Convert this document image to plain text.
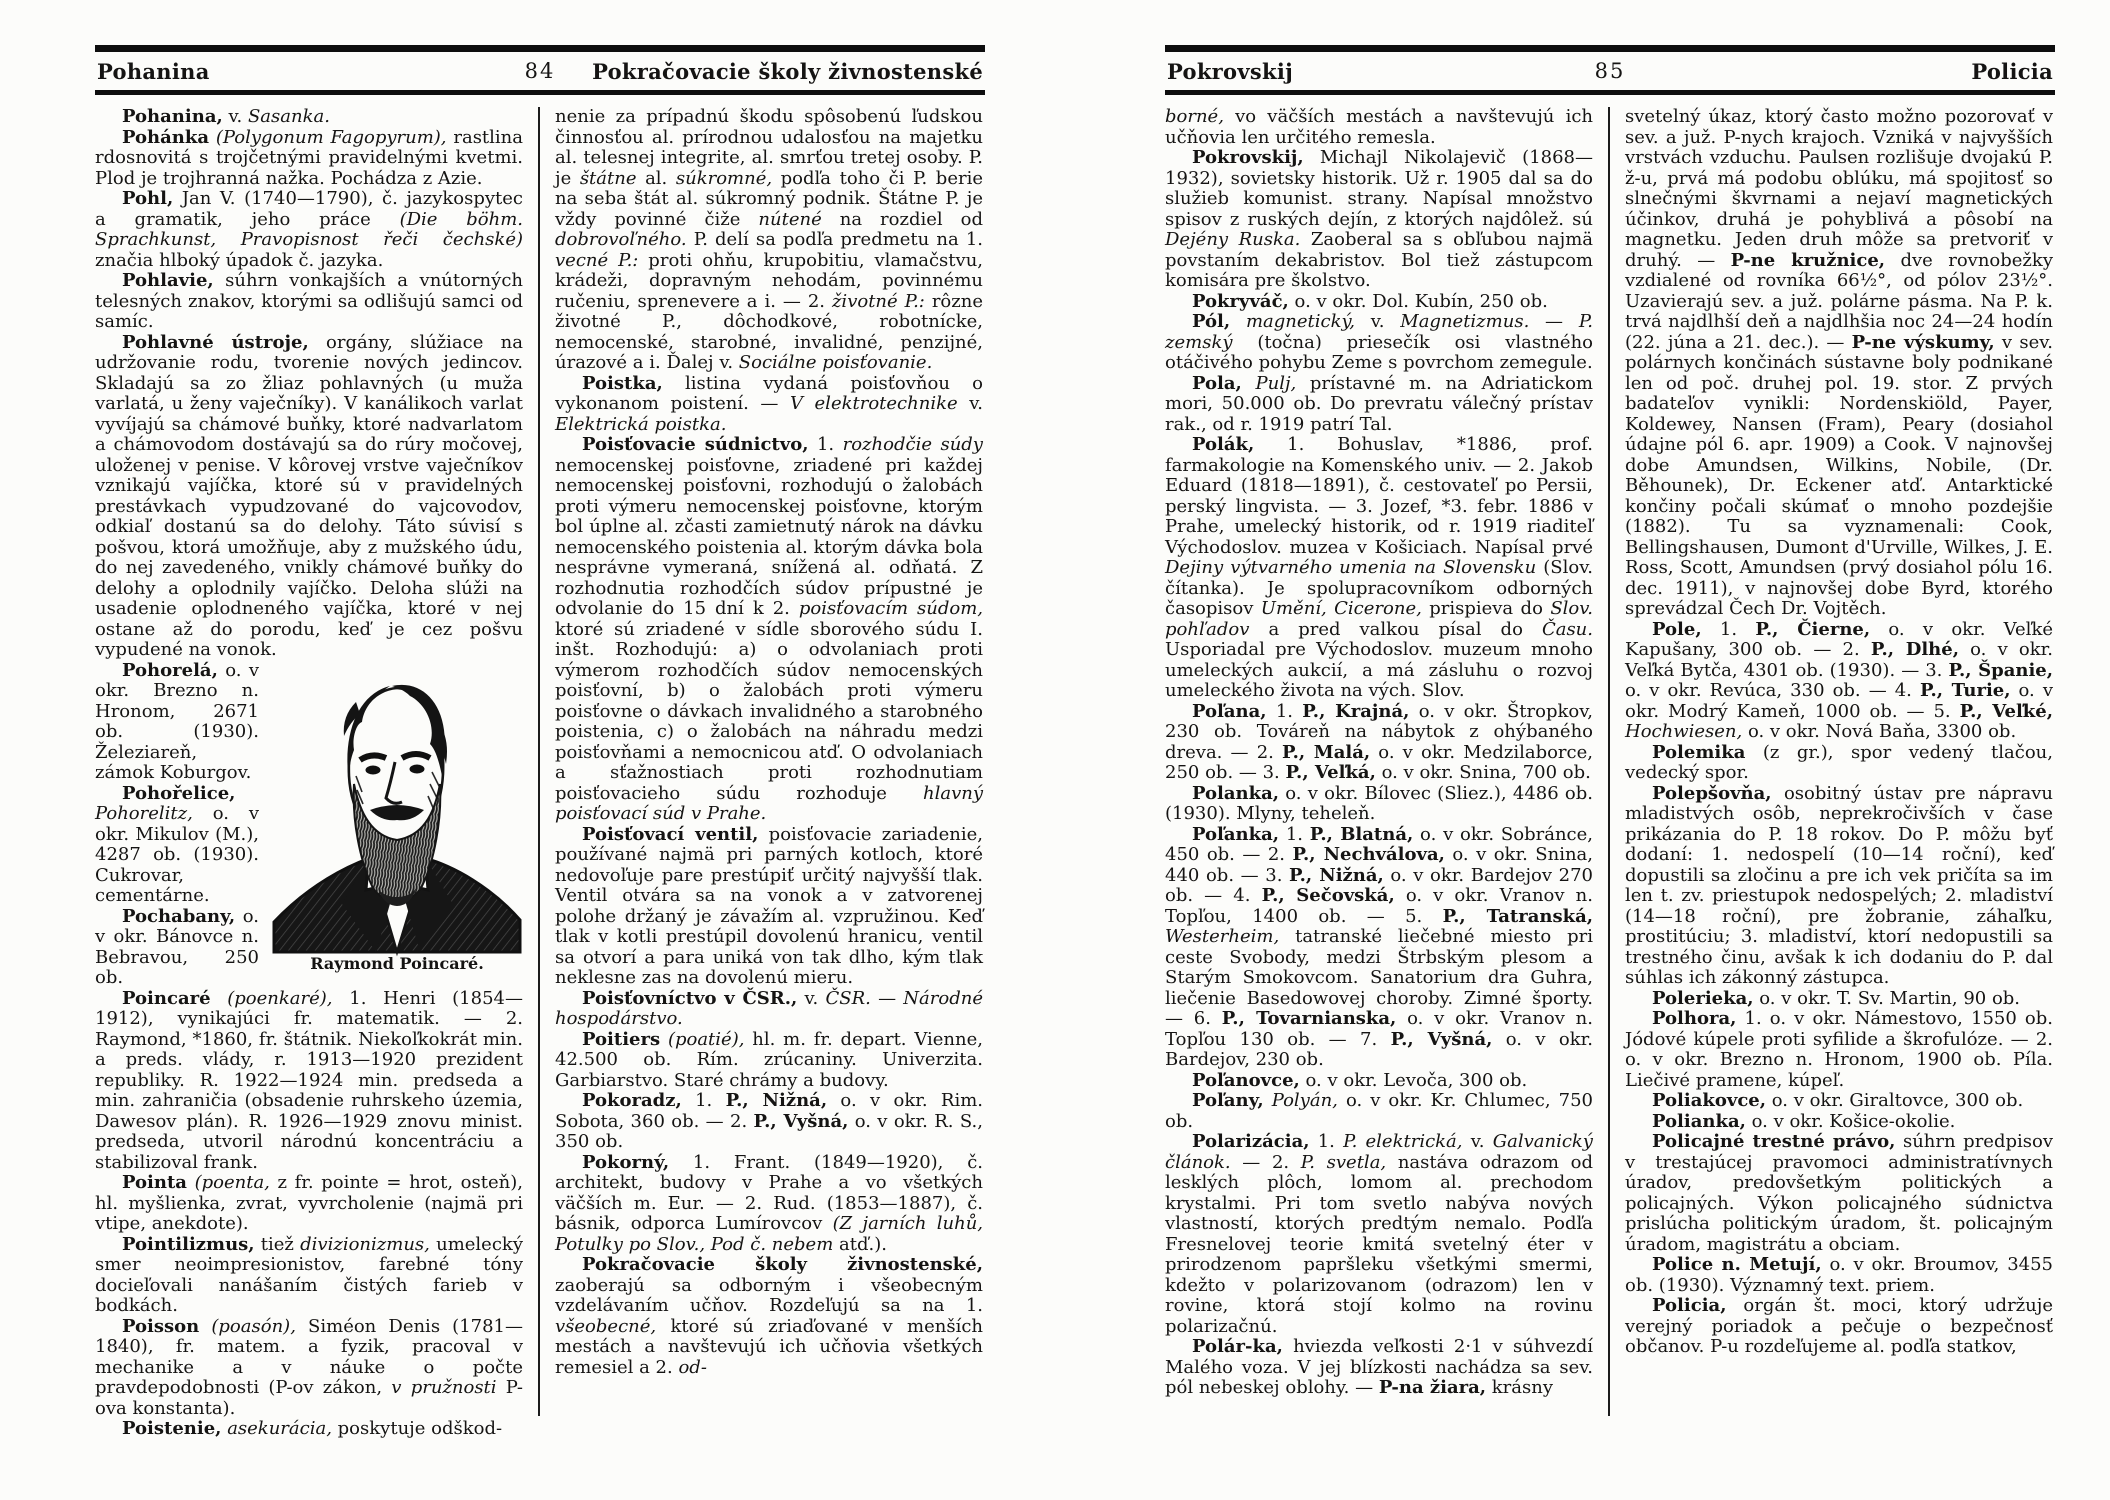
Pohanina	84 Pokračovacie školy živnostenské

Pohanina, v. Sasanka.

Pohánka (Polygonum Fagopyrum), rastlina rdosnovitá s trojčetnými pravidelnými kvetmi. Plod je trojhranná nažka. Pochádza z Azie.

Pohl, Jan V. (1740—1790), č. jazykospytec a gramatik, jeho práce (Die böhm. Sprachkunst, Pravopisnost řeči čechské) značia hlboký úpadok č. jazyka.

Pohlavie, súhrn vonkajších a vnútorných telesných znakov, ktorými sa odlišujú samci od samíc.

Pohlavné ústroje, orgány, slúžiace na udržovanie rodu, tvorenie nových jedincov. Skladajú sa zo žliaz pohlavných (u muža varlatá, u ženy vaječníky). V kanálikoch varlat vyvíjajú sa chámové buňky, ktoré nadvarlatom a chámovodom dostávajú sa do rúry močovej, uloženej v penise. V kôrovej vrstve vaječníkov vznikajú vajíčka, ktoré sú v pravidelných prestávkach vypudzované do vajcovodov, odkiaľ dostanú sa do delohy. Táto súvisí s pošvou, ktorá umožňuje, aby z mužského údu, do nej zavedeného, vnikly chámové buňky do delohy a oplodnily vajíčko. Deloha slúži na usadenie oplodneného vajíčka, ktoré v nej ostane až do porodu, keď je cez pošvu vypudené na vonok.

Raymond Poincaré.

Pohorelá, o. v okr. Brezno n. Hronom, 2671 ob. (1930). Železiareň, zámok Koburgov.

Pohořelice, Pohorelitz, o. v okr. Mikulov (M.), 4287 ob. (1930). Cukrovar, cementárne.

Pochabany, o. v okr. Bánovce n. Bebravou, 250 ob.

Poincaré (poenkaré), 1. Henri (1854—1912), vynikajúci fr. matematik. — 2. Raymond, *1860, fr. štátnik. Niekoľkokrát min. a preds. vlády, r. 1913—1920 prezident republiky. R. 1922—1924 min. predseda a min. zahraničia (obsadenie ruhrskeho územia, Dawesov plán). R. 1926—1929 znovu minist. predseda, utvoril národnú koncentráciu a stabilizoval frank.

Pointa (poenta, z fr. pointe = hrot, osteň), hl. myšlienka, zvrat, vyvrcholenie (najmä pri vtipe, anekdote).

Pointilizmus, tiež divizionizmus, umelecký smer neoimpresionistov, farebné tóny docieľovali nanášaním čistých farieb v bodkách.

Poisson (poasón), Siméon Denis (1781—1840), fr. matem. a fyzik, pracoval v mechanike a v náuke o počte pravdepodobnosti (P-ov zákon, v pružnosti P-ova konstanta).

Poistenie, asekurácia, poskytuje odškod-

nenie za prípadnú škodu spôsobenú ľudskou činnosťou al. prírodnou udalosťou na majetku al. telesnej integrite, al. smrťou tretej osoby. P. je štátne al. súkromné, podľa toho či P. berie na seba štát al. súkromný podnik. Štátne P. je vždy povinné čiže nútené na rozdiel od dobrovoľného. P. delí sa podľa predmetu na 1. vecné P.: proti ohňu, krupobitiu, vlamačstvu, krádeži, dopravným nehodám, povinnému ručeniu, sprenevere a i. — 2. životné P.: rôzne životné P., dôchodkové, robotnícke, nemocenské, starobné, invalidné, penzijné, úrazové a i. Ďalej v. Sociálne poisťovanie.

Poistka, listina vydaná poisťovňou o vykonanom poistení. — V elektrotechnike v. Elektrická poistka.

Poisťovacie súdnictvo, 1. rozhodčie súdy nemocenskej poisťovne, zriadené pri každej nemocenskej poisťovni, rozhodujú o žalobách proti výmeru nemocenskej poisťovne, ktorým bol úplne al. zčasti zamietnutý nárok na dávku nemocenského poistenia al. ktorým dávka bola nesprávne vymeraná, snížená al. odňatá. Z rozhodnutia rozhodčích súdov prípustné je odvolanie do 15 dní k 2. poisťovacím súdom, ktoré sú zriadené v sídle sborového súdu I. inšt. Rozhodujú: a) o odvolaniach proti výmerom rozhodčích súdov nemocenských poisťovní, b) o žalobách proti výmeru poisťovne o dávkach invalidného a starobného poistenia, c) o žalobách na náhradu medzi poisťovňami a nemocnicou atď. O odvolaniach a sťažnostiach proti rozhodnutiam poisťovacieho súdu rozhoduje hlavný poisťovací súd v Prahe.

Poisťovací ventil, poisťovacie zariadenie, používané najmä pri parných kotloch, ktoré nedovoľuje pare prestúpiť určitý najvyšší tlak. Ventil otvára sa na vonok a v zatvorenej polohe držaný je závažím al. vzpružinou. Keď tlak v kotli prestúpil dovolenú hranicu, ventil sa otvorí a para uniká von tak dlho, kým tlak neklesne zas na dovolenú mieru.

Poisťovníctvo v ČSR., v. ČSR. — Národné hospodárstvo.

Poitiers (poatié), hl. m. fr. depart. Vienne, 42.500 ob. Rím. zrúcaniny. Univerzita. Garbiarstvo. Staré chrámy a budovy.

Pokoradz, 1. P., Nižná, o. v okr. Rim. Sobota, 360 ob. — 2. P., Vyšná, o. v okr. R. S., 350 ob.

Pokorný, 1. Frant. (1849—1920), č. architekt, budovy v Prahe a vo všetkých väčších m. Eur. — 2. Rud. (1853—1887), č. básnik, odporca Lumírovcov (Z jarních luhů, Potulky po Slov., Pod č. nebem atď.).

Pokračovacie školy živnostenské, zaoberajú sa odborným i všeobecným vzdelávaním učňov. Rozdeľujú sa na 1. všeobecné, ktoré sú zriaďované v menších mestách a navštevujú ich učňovia všetkých remesiel a 2. od-

Pokrovskij	85	Policia

borné, vo väčších mestách a navštevujú ich učňovia len určitého remesla.

Pokrovskij, Michajl Nikolajevič (1868—1932), sovietsky historik. Už r. 1905 dal sa do služieb komunist. strany. Napísal množstvo spisov z ruských dejín, z ktorých najdôlež. sú Dejény Ruska. Zaoberal sa s obľubou najmä povstaním dekabristov. Bol tiež zástupcom komisára pre školstvo.

Pokryváč, o. v okr. Dol. Kubín, 250 ob.

Pól, magnetický, v. Magnetizmus. — P. zemský (točna) priesečík osi vlastného otáčivého pohybu Zeme s povrchom zemegule.

Pola, Pulj, prístavné m. na Adriatickom mori, 50.000 ob. Do prevratu válečný prístav rak., od r. 1919 patrí Tal.

Polák, 1. Bohuslav, *1886, prof. farmakologie na Komenského univ. — 2. Jakob Eduard (1818—1891), č. cestovateľ po Persii, perský lingvista. — 3. Jozef, *3. febr. 1886 v Prahe, umelecký historik, od r. 1919 riaditeľ Východoslov. muzea v Košiciach. Napísal prvé Dejiny výtvarného umenia na Slovensku (Slov. čítanka). Je spolupracovníkom odborných časopisov Umění, Cicerone, prispieva do Slov. pohľadov a pred valkou písal do Času. Usporiadal pre Východoslov. muzeum mnoho umeleckých aukcií, a má zásluhu o rozvoj umeleckého života na vých. Slov.

Poľana, 1. P., Krajná, o. v okr. Štropkov, 230 ob. Továreň na nábytok z ohýbaného dreva. — 2. P., Malá, o. v okr. Medzilaborce, 250 ob. — 3. P., Veľká, o. v okr. Snina, 700 ob.

Polanka, o. v okr. Bílovec (Sliez.), 4486 ob. (1930). Mlyny, teheleň.

Poľanka, 1. P., Blatná, o. v okr. Sobránce, 450 ob. — 2. P., Nechválova, o. v okr. Snina, 440 ob. — 3. P., Nižná, o. v okr. Bardejov 270 ob. — 4. P., Sečovská, o. v okr. Vranov n. Topľou, 1400 ob. — 5. P., Tatranská, Westerheim, tatranské liečebné miesto pri ceste Svobody, medzi Štrbským plesom a Starým Smokovcom. Sanatorium dra Guhra, liečenie Basedowovej choroby. Zimné športy. — 6. P., Tovarnianska, o. v okr. Vranov n. Topľou 130 ob. — 7. P., Vyšná, o. v okr. Bardejov, 230 ob.

Poľanovce, o. v okr. Levoča, 300 ob.

Poľany, Polyán, o. v okr. Kr. Chlumec, 750 ob.

Polarizácia, 1. P. elektrická, v. Galvanický článok. — 2. P. svetla, nastáva odrazom od lesklých plôch, lomom al. prechodom krystalmi. Pri tom svetlo nabýva nových vlastností, ktorých predtým nemalo. Podľa Fresnelovej teorie kmitá svetelný éter v prirodzenom papršleku všetkými smermi, kdežto v polarizovanom (odrazom) len v rovine, ktorá stojí kolmo na rovinu polarizačnú.

Polár-ka, hviezda veľkosti 2·1 v súhvezdí Malého voza. V jej blízkosti nachádza sa sev. pól nebeskej oblohy. — P-na žiara, krásny

svetelný úkaz, ktorý často možno pozorovať v sev. a juž. P-nych krajoch. Vzniká v najvyšších vrstvách vzduchu. Paulsen rozlišuje dvojakú P. ž-u, prvá má podobu oblúku, má spojitosť so slnečnými škvrnami a nejaví magnetických účinkov, druhá je pohyblivá a pôsobí na magnetku. Jeden druh môže sa pretvoriť v druhý. — P-ne kružnice, dve rovnobežky vzdialené od rovníka 66½°, od pólov 23½°. Uzavierajú sev. a juž. polárne pásma. Na P. k. trvá najdlhší deň a najdlhšia noc 24—24 hodín (22. júna a 21. dec.). — P-ne výskumy, v sev. polárnych končinách sústavne boly podnikané len od poč. druhej pol. 19. stor. Z prvých badateľov vynikli: Nordenskiöld, Payer, Koldewey, Nansen (Fram), Peary (dosiahol údajne pól 6. apr. 1909) a Cook. V najnovšej dobe Amundsen, Wilkins, Nobile, (Dr. Běhounek), Dr. Eckener atď. Antarktické končiny počali skúmať o mnoho pozdejšie (1882). Tu sa vyznamenali: Cook, Bellingshausen, Dumont d'Urville, Wilkes, J. E. Ross, Scott, Amundsen (prvý dosiahol pólu 16. dec. 1911), v najnovšej dobe Byrd, ktorého sprevádzal Čech Dr. Vojtěch.

Pole, 1. P., Čierne, o. v okr. Veľké Kapušany, 300 ob. — 2. P., Dlhé, o. v okr. Veľká Bytča, 4301 ob. (1930). — 3. P., Španie, o. v okr. Revúca, 330 ob. — 4. P., Turie, o. v okr. Modrý Kameň, 1000 ob. — 5. P., Veľké, Hochwiesen, o. v okr. Nová Baňa, 3300 ob.

Polemika (z gr.), spor vedený tlačou, vedecký spor.

Polepšovňa, osobitný ústav pre nápravu mladistvých osôb, neprekročivších v čase prikázania do P. 18 rokov. Do P. môžu byť dodaní: 1. nedospelí (10—14 roční), keď dopustili sa zločinu a pre ich vek pričíta sa im len t. zv. priestupok nedospelých; 2. mladiství (14—18 roční), pre žobranie, záhaľku, prostitúciu; 3. mladiství, ktorí nedopustili sa trestného činu, avšak k ich dodaniu do P. dal súhlas ich zákonný zástupca.

Polerieka, o. v okr. T. Sv. Martin, 90 ob.

Polhora, 1. o. v okr. Námestovo, 1550 ob. Jódové kúpele proti syfilide a škrofulóze. — 2. o. v okr. Brezno n. Hronom, 1900 ob. Píla. Liečivé pramene, kúpeľ.

Poliakovce, o. v okr. Giraltovce, 300 ob.

Polianka, o. v okr. Košice-okolie.

Policajné trestné právo, súhrn predpisov v trestajúcej pravomoci administratívnych úradov, predovšetkým politických a policajných. Výkon policajného súdnictva prislúcha politickým úradom, št. policajným úradom, magistrátu a obciam.

Police n. Metují, o. v okr. Broumov, 3455 ob. (1930). Významný text. priem.

Policia, orgán št. moci, ktorý udržuje verejný poriadok a pečuje o bezpečnosť občanov. P-u rozdeľujeme al. podľa statkov,
